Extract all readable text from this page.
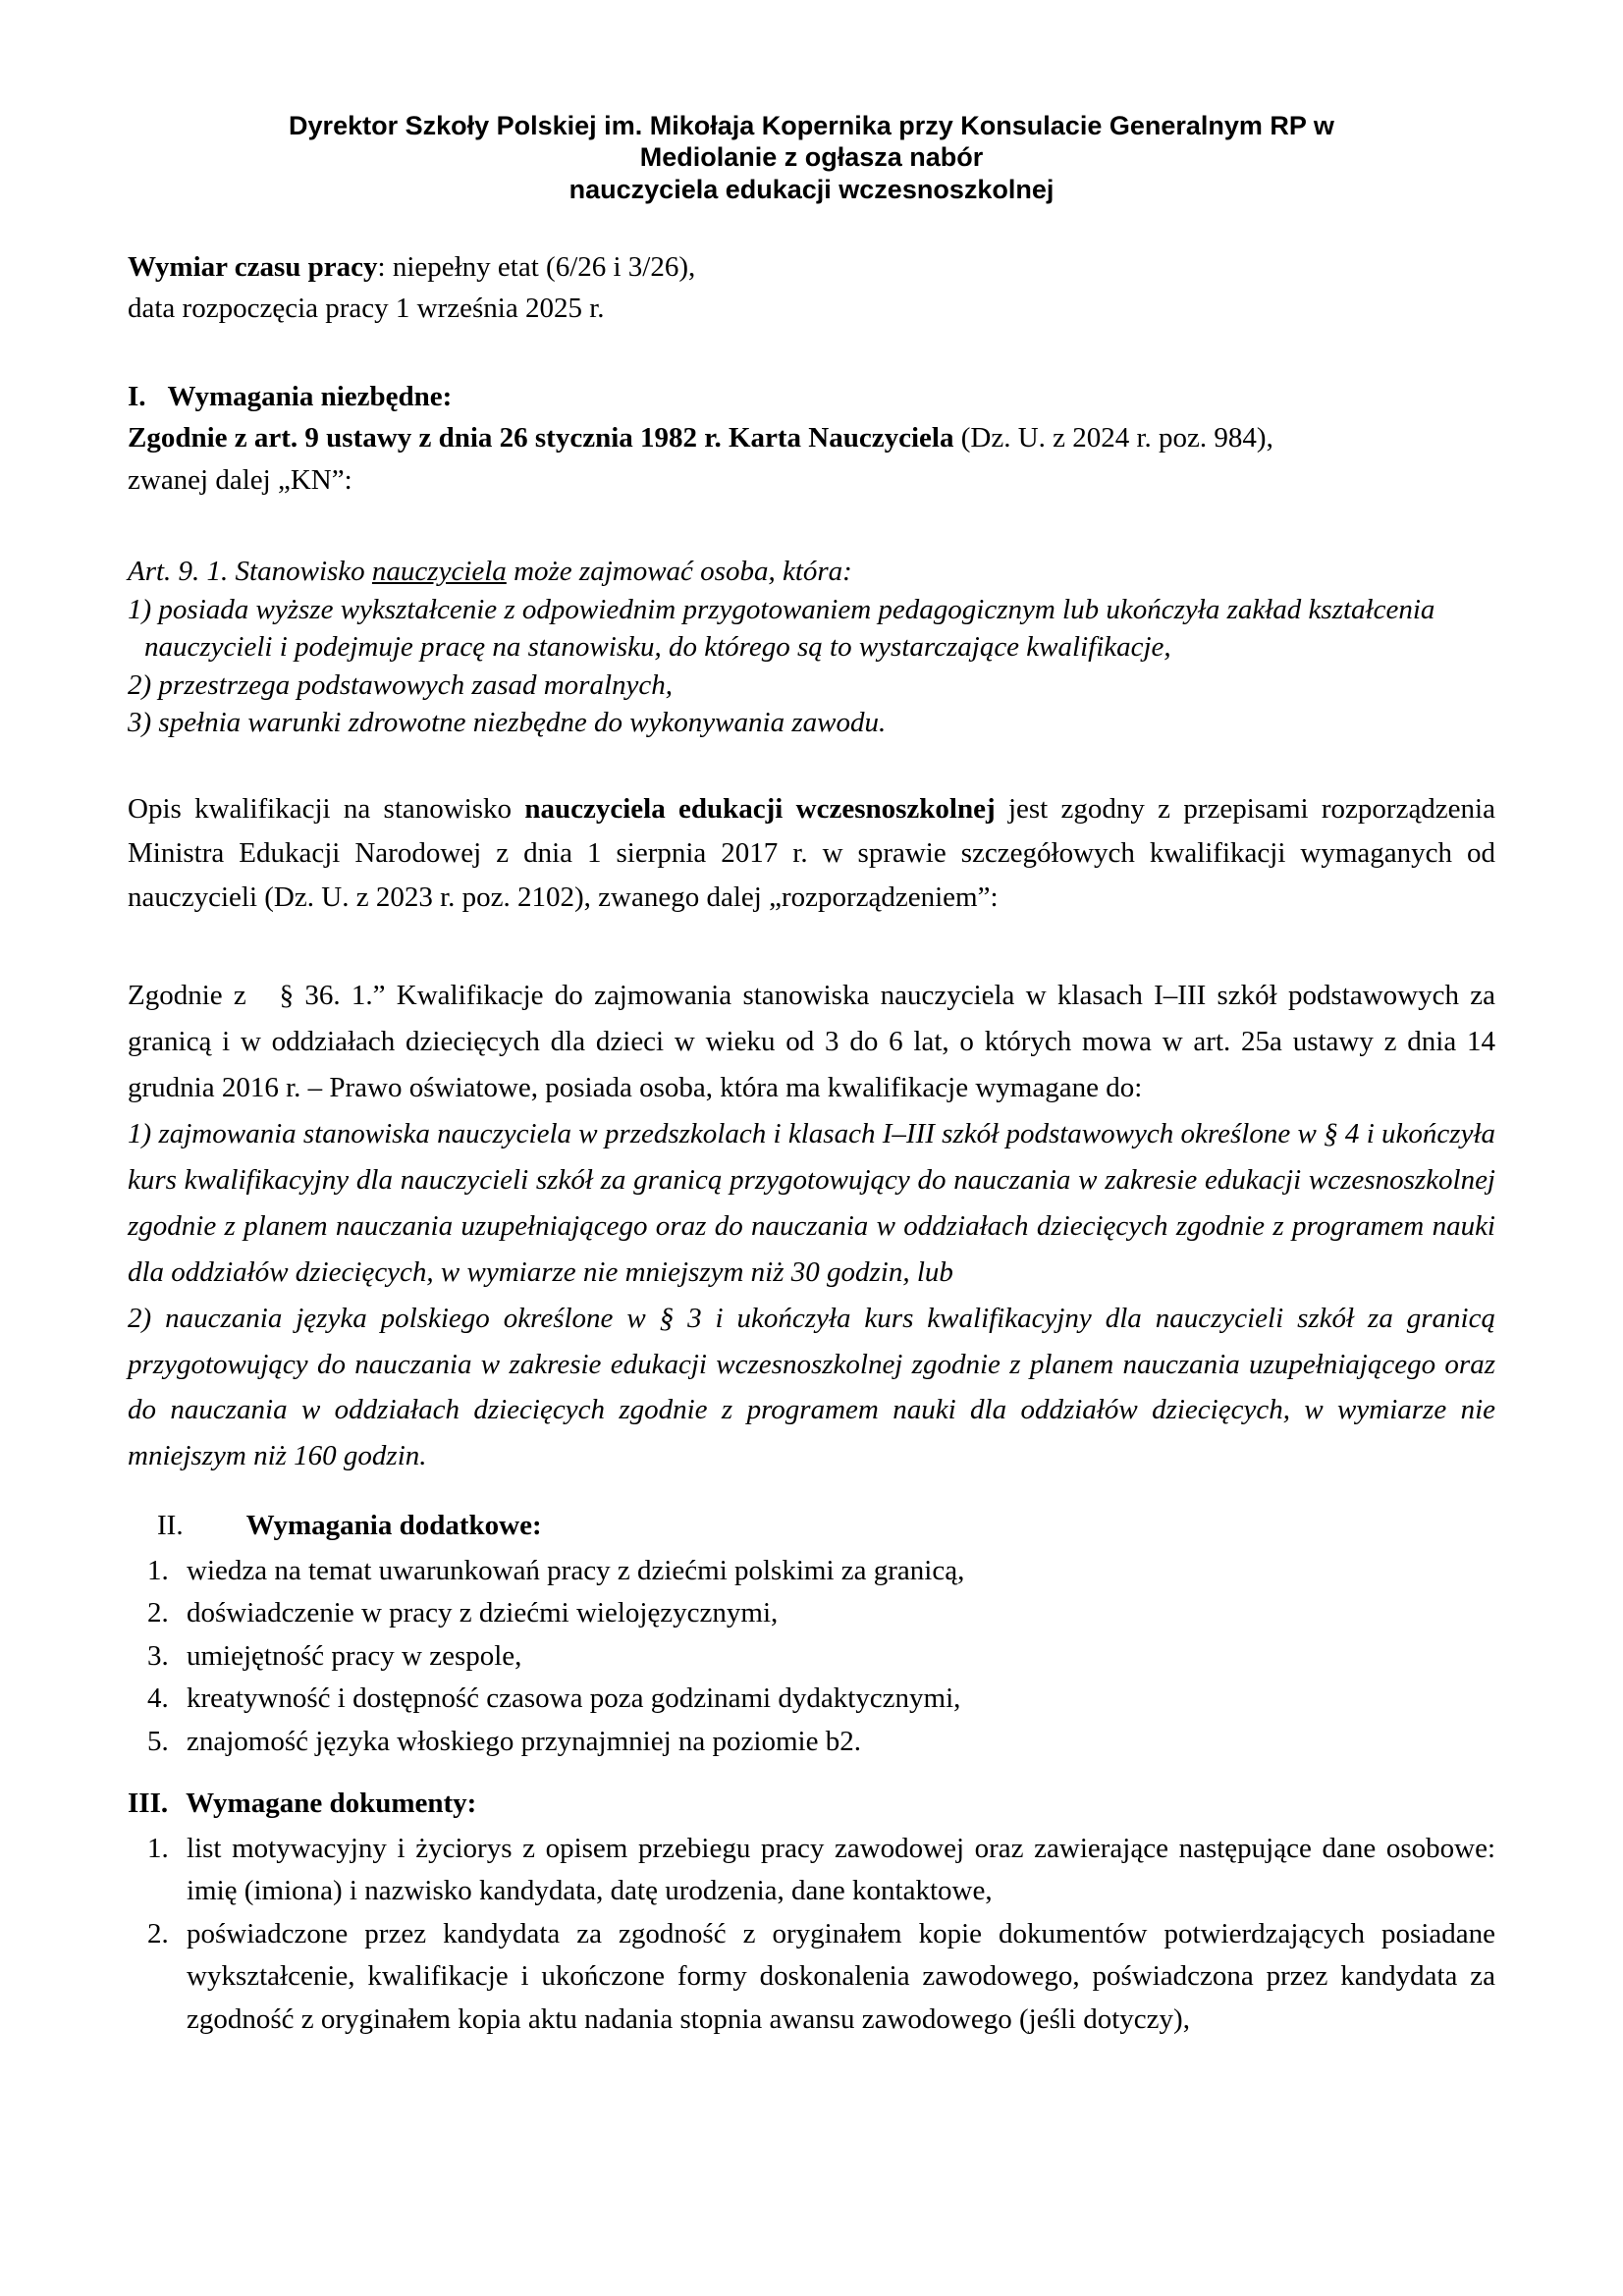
Dyrektor Szkoły Polskiej im. Mikołaja Kopernika przy Konsulacie Generalnym RP w
Mediolanie z ogłasza nabór
nauczyciela edukacji wczesnoszkolnej
Wymiar czasu pracy: niepełny etat (6/26 i 3/26),
data rozpoczęcia pracy 1 września 2025 r.
I. Wymagania niezbędne:
Zgodnie z art. 9 ustawy z dnia 26 stycznia 1982 r. Karta Nauczyciela (Dz. U. z 2024 r. poz. 984),
zwanej dalej „KN”:
Art. 9. 1. Stanowisko nauczyciela może zajmować osoba, która:
1) posiada wyższe wykształcenie z odpowiednim przygotowaniem pedagogicznym lub ukończyła zakład kształcenia nauczycieli i podejmuje pracę na stanowisku, do którego są to wystarczające kwalifikacje,
2) przestrzega podstawowych zasad moralnych,
3) spełnia warunki zdrowotne niezbędne do wykonywania zawodu.
Opis kwalifikacji na stanowisko nauczyciela edukacji wczesnoszkolnej jest zgodny z przepisami rozporządzenia Ministra Edukacji Narodowej z dnia 1 sierpnia 2017 r. w sprawie szczegółowych kwalifikacji wymaganych od nauczycieli (Dz. U. z 2023 r. poz. 2102), zwanego dalej „rozporządzeniem”:
Zgodnie z   § 36. 1.” Kwalifikacje do zajmowania stanowiska nauczyciela w klasach I–III szkół podstawowych za granicą i w oddziałach dziecięcych dla dzieci w wieku od 3 do 6 lat, o których mowa w art. 25a ustawy z dnia 14 grudnia 2016 r. – Prawo oświatowe, posiada osoba, która ma kwalifikacje wymagane do:
1) zajmowania stanowiska nauczyciela w przedszkolach i klasach I–III szkół podstawowych określone w § 4 i ukończyła kurs kwalifikacyjny dla nauczycieli szkół za granicą przygotowujący do nauczania w zakresie edukacji wczesnoszkolnej zgodnie z planem nauczania uzupełniającego oraz do nauczania w oddziałach dziecięcych zgodnie z programem nauki dla oddziałów dziecięcych, w wymiarze nie mniejszym niż 30 godzin, lub
2) nauczania języka polskiego określone w § 3 i ukończyła kurs kwalifikacyjny dla nauczycieli szkół za granicą przygotowujący do nauczania w zakresie edukacji wczesnoszkolnej zgodnie z planem nauczania uzupełniającego oraz do nauczania w oddziałach dziecięcych zgodnie z programem nauki dla oddziałów dziecięcych, w wymiarze nie mniejszym niż 160 godzin.
II. Wymagania dodatkowe:
1. wiedza na temat uwarunkowań pracy z dziećmi polskimi za granicą,
2. doświadczenie w pracy z dziećmi wielojęzycznymi,
3. umiejętność pracy w zespole,
4. kreatywność i dostępność czasowa poza godzinami dydaktycznymi,
5. znajomość języka włoskiego przynajmniej na poziomie b2.
III. Wymagane dokumenty:
1. list motywacyjny i życiorys z opisem przebiegu pracy zawodowej oraz zawierające następujące dane osobowe: imię (imiona) i nazwisko kandydata, datę urodzenia, dane kontaktowe,
2. poświadczone przez kandydata za zgodność z oryginałem kopie dokumentów potwierdzających posiadane wykształcenie, kwalifikacje i ukończone formy doskonalenia zawodowego, poświadczona przez kandydata za zgodność z oryginałem kopia aktu nadania stopnia awansu zawodowego (jeśli dotyczy),
